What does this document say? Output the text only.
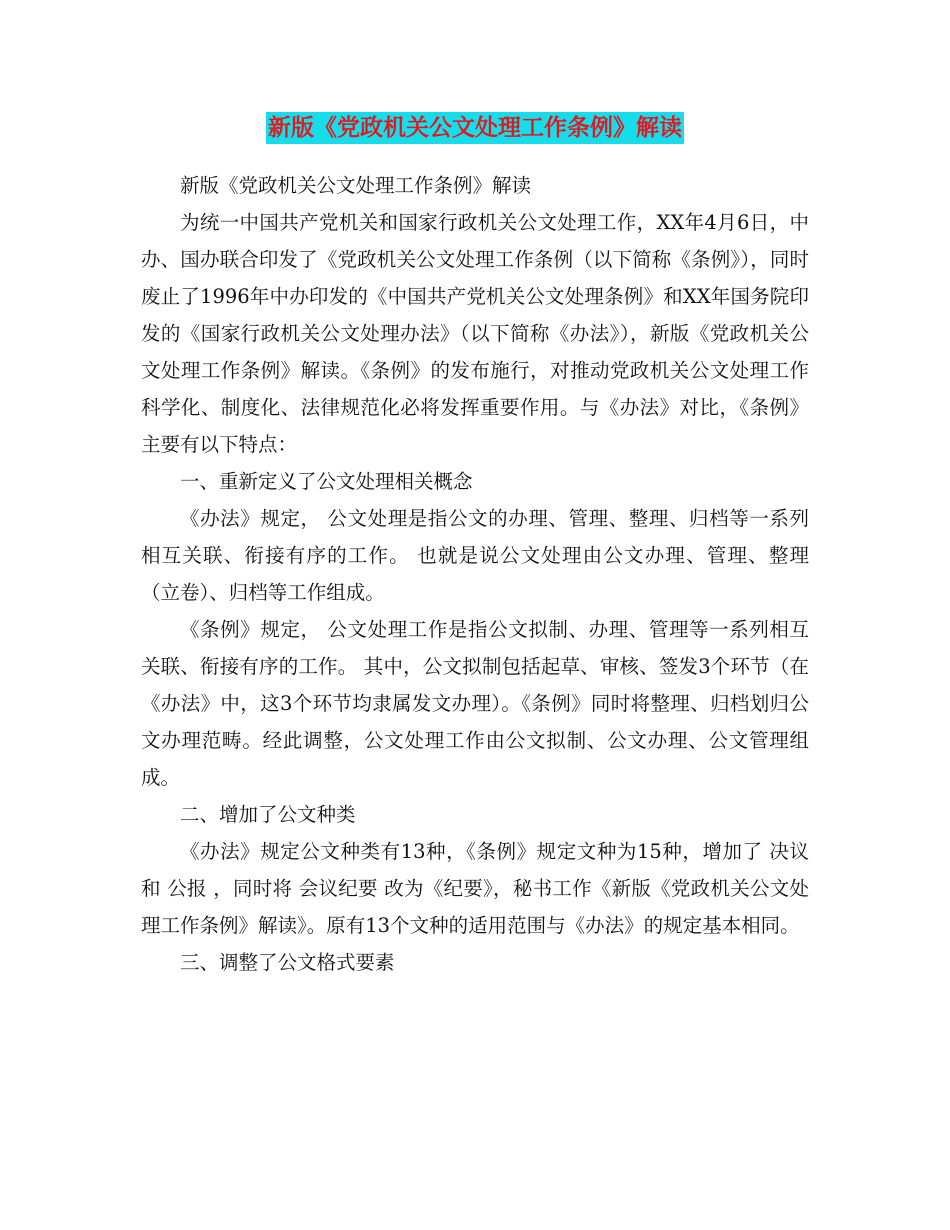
新版《党政机关公文处理工作条例》解读

新版《党政机关公文处理工作条例》解读

为统一中国共产党机关和国家行政机关公文处理工作，XX年4月6日，中办、国办联合印发了《党政机关公文处理工作条例（以下简称《条例》），同时废止了1996年中办印发的《中国共产党机关公文处理条例》和XX年国务院印发的《国家行政机关公文处理办法》（以下简称《办法》），新版《党政机关公文处理工作条例》解读。《条例》的发布施行，对推动党政机关公文处理工作科学化、制度化、法律规范化必将发挥重要作用。与《办法》对比，《条例》主要有以下特点：

一、重新定义了公文处理相关概念

《办法》规定， 公文处理是指公文的办理、管理、整理、归档等一系列相互关联、衔接有序的工作。 也就是说公文处理由公文办理、管理、整理（立卷）、归档等工作组成。

《条例》规定， 公文处理工作是指公文拟制、办理、管理等一系列相互关联、衔接有序的工作。 其中，公文拟制包括起草、审核、签发3个环节（在《办法》中，这3个环节均隶属发文办理）。《条例》同时将整理、归档划归公文办理范畴。经此调整，公文处理工作由公文拟制、公文办理、公文管理组成。

二、增加了公文种类

《办法》规定公文种类有13种，《条例》规定文种为15种，增加了 决议 和 公报 ，同时将 会议纪要 改为《纪要》，秘书工作《新版《党政机关公文处理工作条例》解读》。原有13个文种的适用范围与《办法》的规定基本相同。

三、调整了公文格式要素
